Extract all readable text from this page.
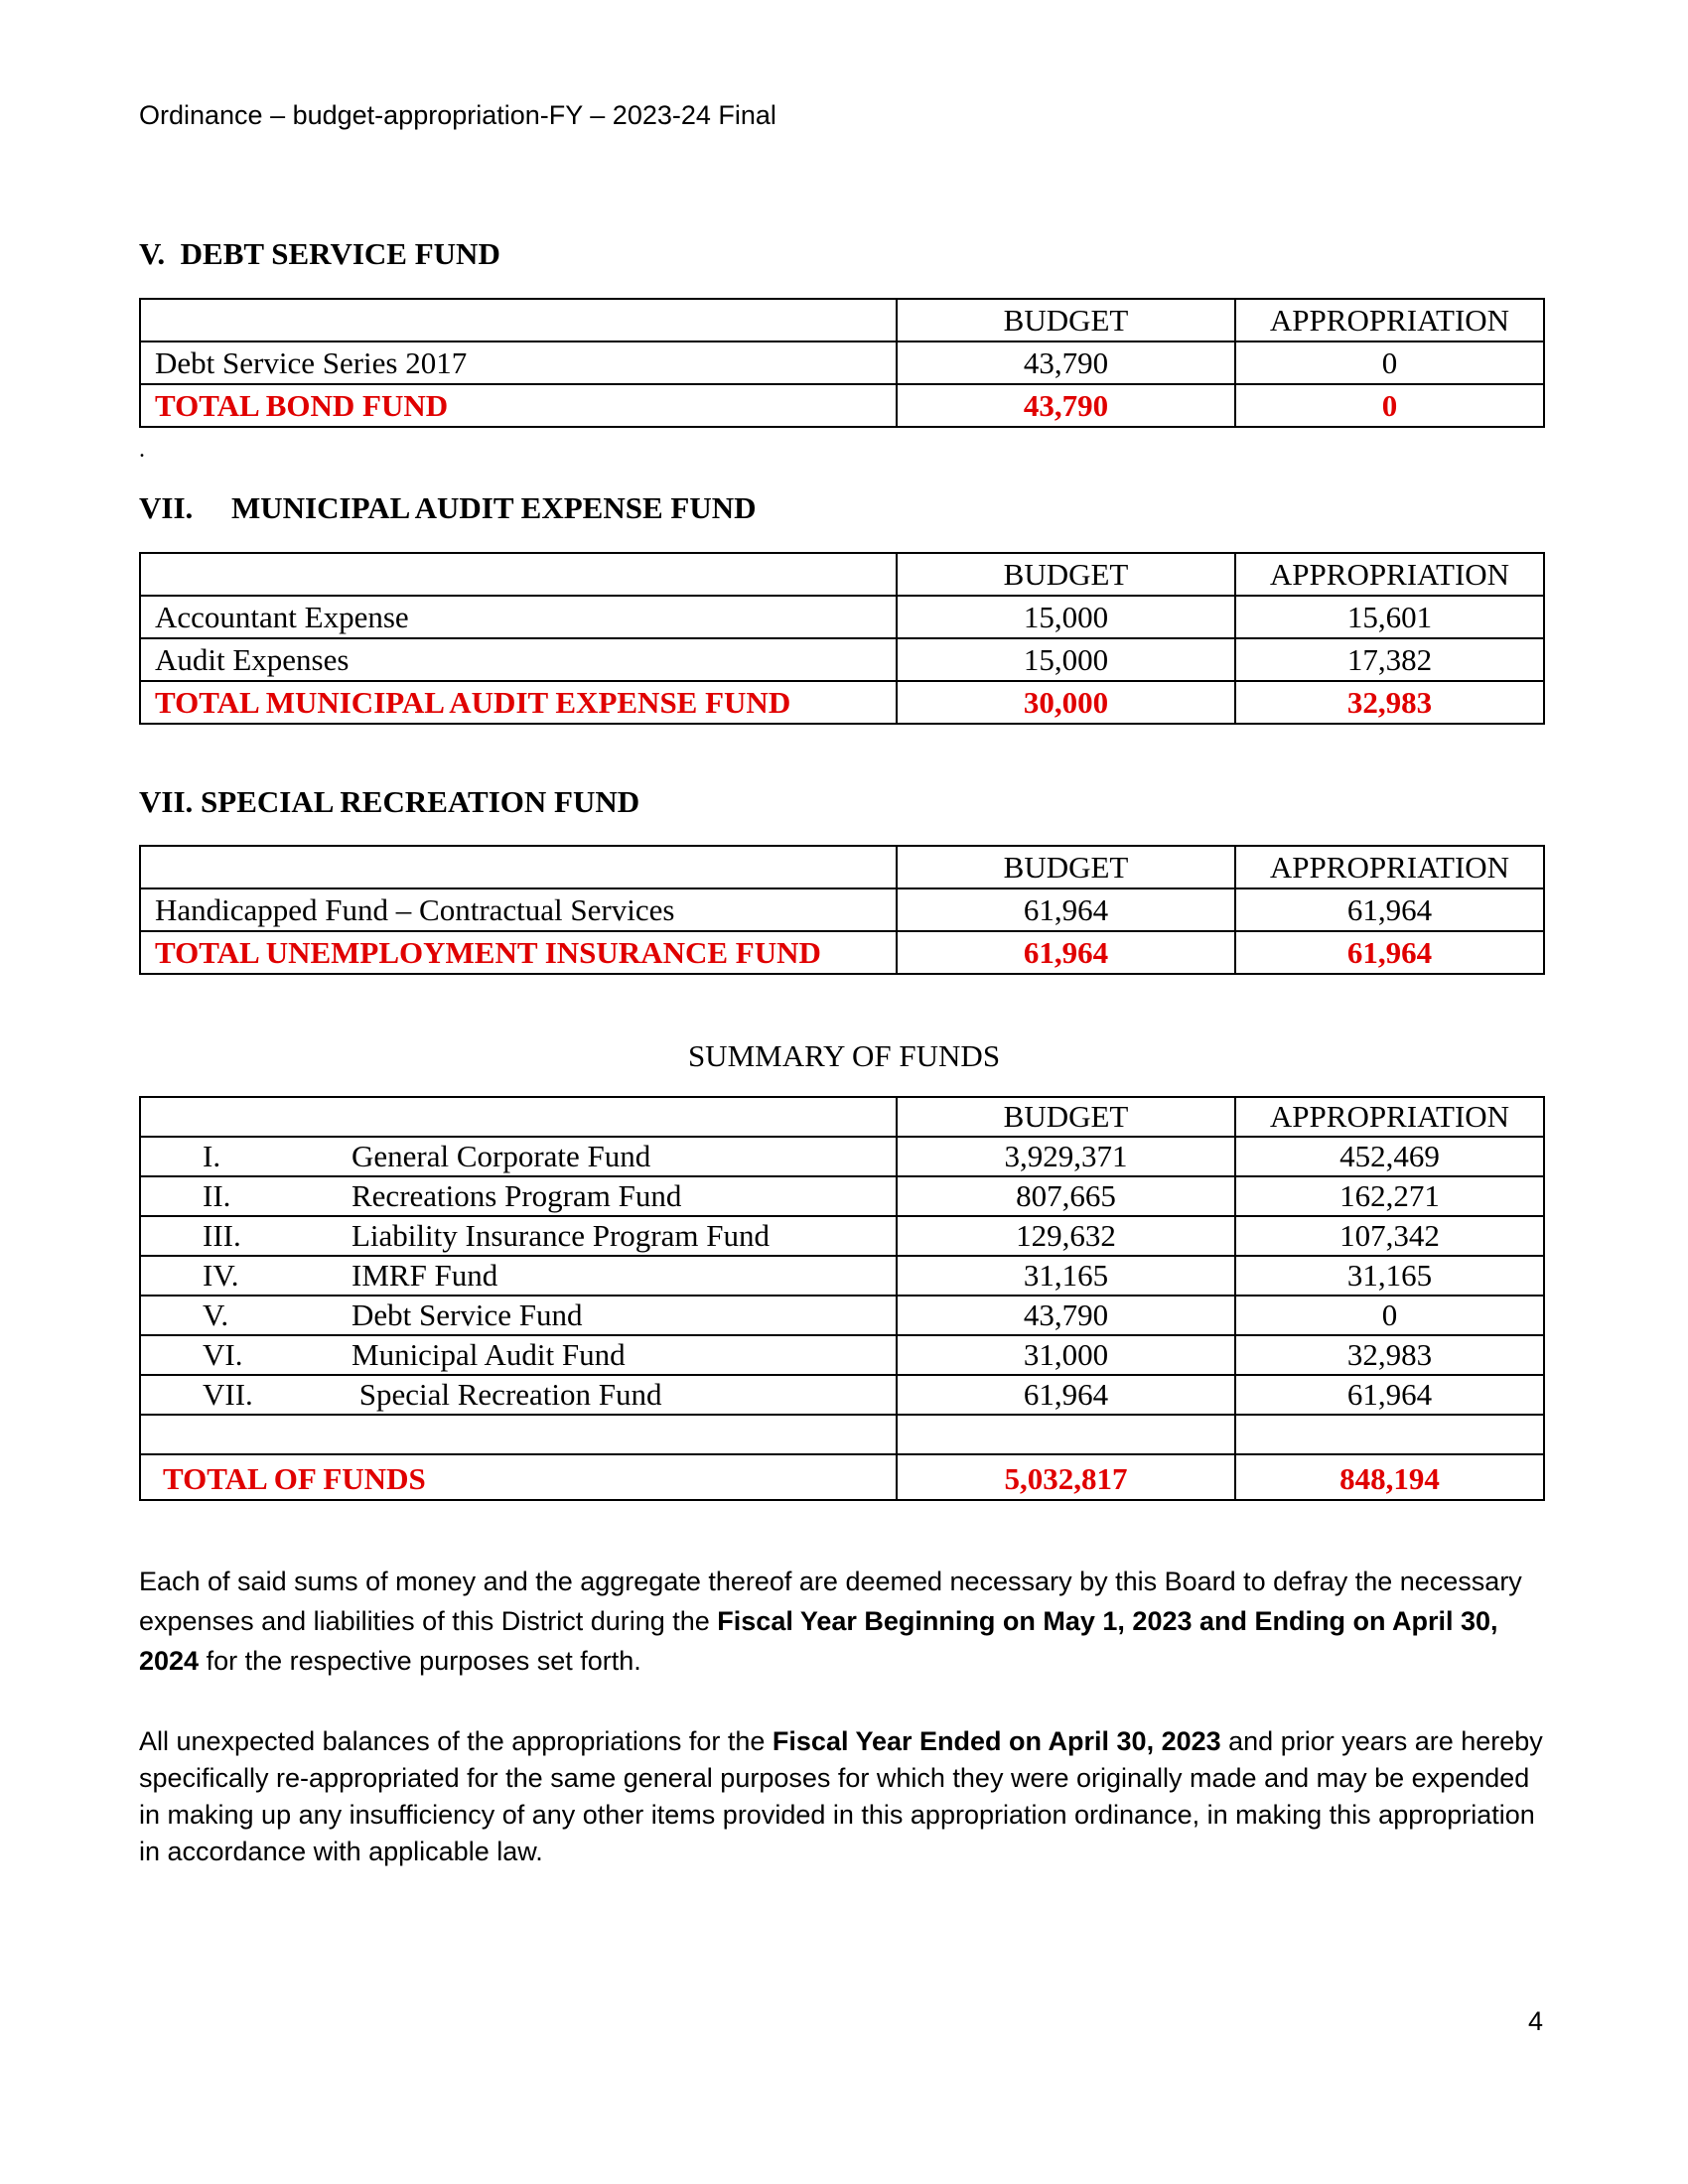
Ordinance – budget-appropriation-FY – 2023-24 Final
V.  DEBT SERVICE FUND
	BUDGET	APPROPRIATION
Debt Service Series 2017	43,790	0
TOTAL BOND FUND	43,790	0
.
VII.     MUNICIPAL AUDIT EXPENSE FUND
	BUDGET	APPROPRIATION
Accountant Expense	15,000	15,601
Audit Expenses	15,000	17,382
TOTAL MUNICIPAL AUDIT EXPENSE FUND	30,000	32,983
VII. SPECIAL RECREATION FUND
	BUDGET	APPROPRIATION
Handicapped Fund – Contractual Services	61,964	61,964
TOTAL UNEMPLOYMENT INSURANCE FUND	61,964	61,964
SUMMARY OF FUNDS
	BUDGET	APPROPRIATION
I. General Corporate Fund	3,929,371	452,469
II. Recreations Program Fund	807,665	162,271
III. Liability Insurance Program Fund	129,632	107,342
IV. IMRF Fund	31,165	31,165
V. Debt Service Fund	43,790	0
VI. Municipal Audit Fund	31,000	32,983
VII. Special Recreation Fund	61,964	61,964

TOTAL OF FUNDS	5,032,817	848,194
Each of said sums of money and the aggregate thereof are deemed necessary by this Board to defray the necessary expenses and liabilities of this District during the Fiscal Year Beginning on May 1, 2023 and Ending on April 30, 2024 for the respective purposes set forth.
All unexpected balances of the appropriations for the Fiscal Year Ended on April 30, 2023 and prior years are hereby specifically re-appropriated for the same general purposes for which they were originally made and may be expended in making up any insufficiency of any other items provided in this appropriation ordinance, in making this appropriation in accordance with applicable law.
4
